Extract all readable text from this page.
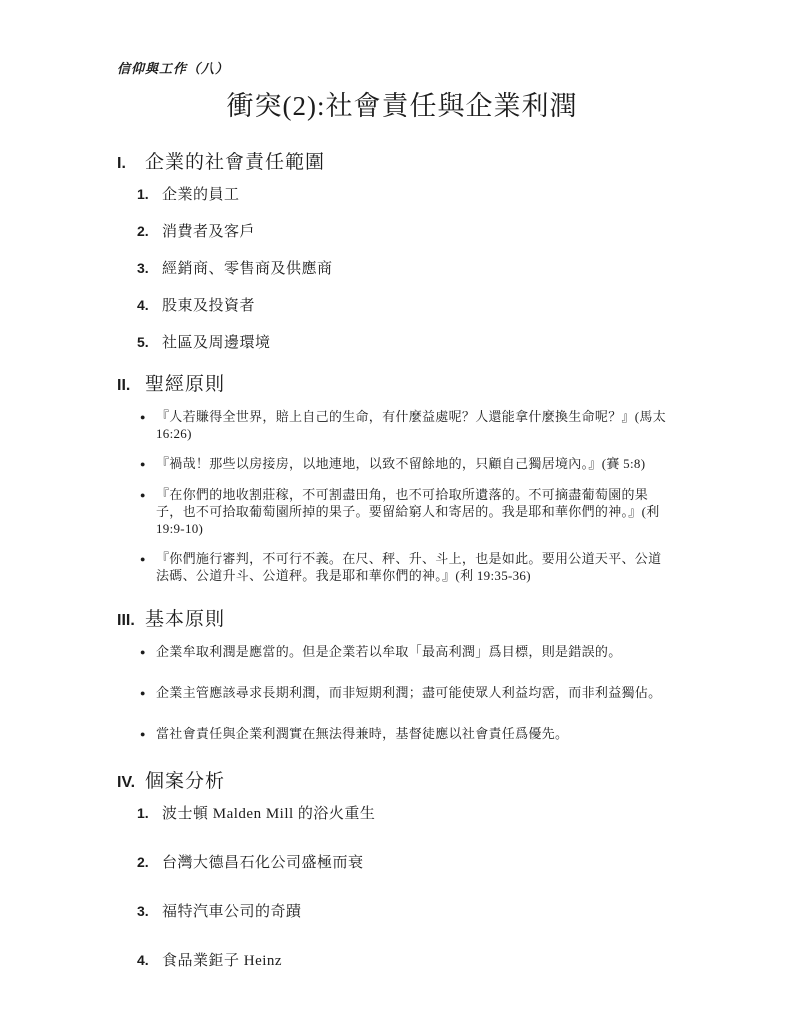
信仰與工作（八）
衝突(2):社會責任與企業利潤
I.	企業的社會責任範圍
1. 企業的員工
2. 消費者及客戶
3. 經銷商、零售商及供應商
4. 股東及投資者
5. 社區及周邊環境
II. 聖經原則
● 『人若賺得全世界，賠上自己的生命，有什麼益處呢？人還能拿什麼換生命呢？』(馬太 16:26)
● 『禍哉！那些以房接房，以地連地，以致不留餘地的，只顧自己獨居境內。』(賽 5:8)
● 『在你們的地收割莊稼，不可割盡田角，也不可拾取所遺落的。不可摘盡葡萄園的果子，也不可拾取葡萄園所掉的果子。要留給窮人和寄居的。我是耶和華你們的神。』(利 19:9-10)
● 『你們施行審判，不可行不義。在尺、秤、升、斗上，也是如此。要用公道天平、公道法碼、公道升斗、公道秤。我是耶和華你們的神。』(利 19:35-36)
III. 基本原則
● 企業牟取利潤是應當的。但是企業若以牟取「最高利潤」爲目標，則是錯誤的。
● 企業主管應該尋求長期利潤，而非短期利潤；盡可能使眾人利益均霑，而非利益獨佔。
● 當社會責任與企業利潤實在無法得兼時，基督徒應以社會責任爲優先。
IV. 個案分析
1. 波士頓 Malden Mill 的浴火重生
2. 台灣大德昌石化公司盛極而衰
3. 福特汽車公司的奇蹟
4. 食品業鉅子 Heinz
